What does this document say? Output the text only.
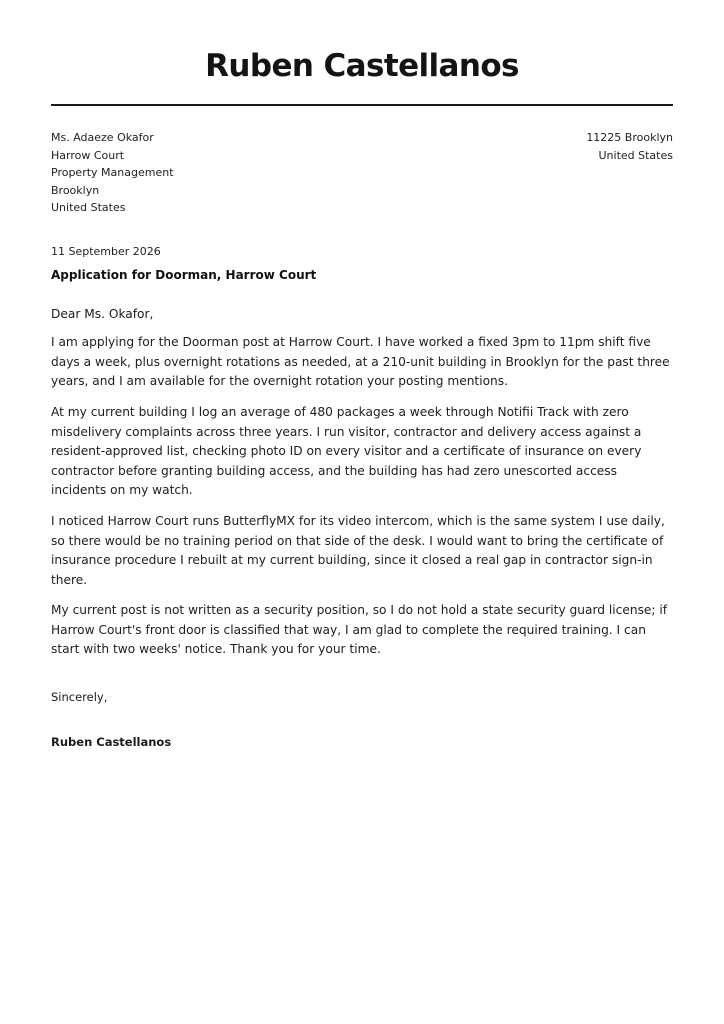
Ruben Castellanos
Ms. Adaeze Okafor
Harrow Court
Property Management
Brooklyn
United States
11225 Brooklyn
United States
11 September 2026
Application for Doorman, Harrow Court
Dear Ms. Okafor,

I am applying for the Doorman post at Harrow Court. I have worked a fixed 3pm to 11pm shift five days a week, plus overnight rotations as needed, at a 210-unit building in Brooklyn for the past three years, and I am available for the overnight rotation your posting mentions.

At my current building I log an average of 480 packages a week through Notifii Track with zero misdelivery complaints across three years. I run visitor, contractor and delivery access against a resident-approved list, checking photo ID on every visitor and a certificate of insurance on every contractor before granting building access, and the building has had zero unescorted access incidents on my watch.

I noticed Harrow Court runs ButterflyMX for its video intercom, which is the same system I use daily, so there would be no training period on that side of the desk. I would want to bring the certificate of insurance procedure I rebuilt at my current building, since it closed a real gap in contractor sign-in there.

My current post is not written as a security position, so I do not hold a state security guard license; if Harrow Court's front door is classified that way, I am glad to complete the required training. I can start with two weeks' notice. Thank you for your time.

Sincerely,
Ruben Castellanos
